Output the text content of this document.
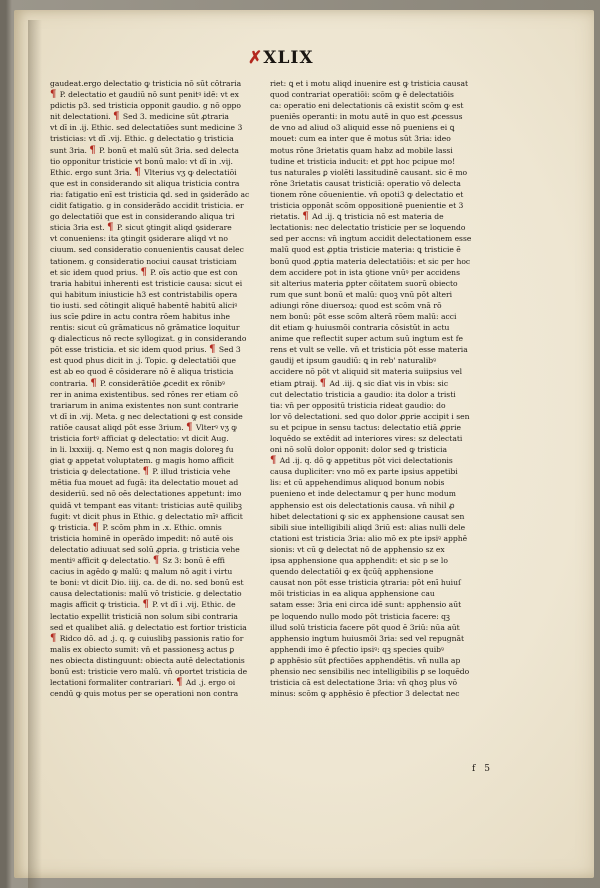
✗XLIX
gaudeat.ergo delectatio ꝙ tristicia nō sūt cōtraria
¶ P. delectatio et gaudiū nō sunt penitꝰ idē: vt ex
pdictis p3. sed tristicia opponit gaudio. g nō oppo
nit delectationi. ¶ Sed 3. medicine sūt ꝓtraria
vt dī in .ij. Ethic. sed delectatiōes sunt medicine 3
tristicias: vt dī .vij. Ethic. g delectatio ꝯ tristicia
sunt 3ria. ¶ P. bonū et malū sūt 3ria. sed delecta
tio opponitur tristicie vt bonū malo: vt dī in .vij.
Ethic. ergo sunt 3ria. ¶ Vlterius vʒ ꝙ delectatiōi
que est in considerando sit aliqua tristicia contra
ria: fatigatio enī est tristicia ꝗd. sed in ꝯsiderādo ac
cidit fatigatio. g in considerādo accidit tristicia. er
go delectatiōi que est in considerando aliqua tri
sticia 3ria est. ¶ P. sicut ꝯtingit aliqd ꝯsiderare
vt conueniens: ita ꝯtingit ꝯsiderare aliqd vt no
ciuum. sed consideratio conuenientis causat delec
tationem. g consideratio nociui causat tristiciam
et sic idem quod prius. ¶ P. oīs actio que est con
traria habitui inherenti est tristicie causa: sicut ei
qui habitum iniusticie h3 est contristabilis opera
tio iusti. sed cōtingit aliquē habentē habitū aliciꝰ
ius scīe ꝑdire in actu contra rōem habitus inhe
rentis: sicut cū grāmaticus nō grāmatice loquitur
ꝙ dialecticus nō recte syllogizat. g in considerando
pōt esse tristicia. et sic idem quod prius. ¶ Sed 3
est quod phus dicit in .j. Topic. ꝙ delectatiōi que
est ab eo quod ē cōsiderare nō ē aliqua tristicia
contraria. ¶ P. considerātiōe ꝓcedit ex rōnibꝰ
rer in anima existentibus. sed rōnes rer etiam cō
trariarum in anima existentes non sunt contrarie
vt dī in .vij. Meta. g nec delectationi ꝙ est conside
ratiōe causat aliqd pōt esse 3rium. ¶ Vlterꝰ vʒ ꝙ
tristicia fortꝰ afficiat ꝙ delectatio: vt dicit Aug.
in li. lxxxiij. q. Nemo est ꝗ non magis doloreꝫ fu
giat ꝙ appetat voluptatem. g magis homo afficit
tristicia ꝙ delectatione. ¶ P. illud tristicia vehe
mētia fua mouet ad fugā: ita delectatio mouet ad
desideriū. sed nō oēs delectationes appetunt: imo
quidā vt tempant eas vitant: tristicias autē quilibꝫ
fugit: vt dicit phus in Ethic. g delectatio mīꝰ afficit
ꝙ tristicia. ¶ P. scōm phm in .x. Ethic. omnis
tristicia hominē in operādo impedit: nō autē ois
delectatio adiuuat sed solū ꝓpria. g tristicia vehe
mentiꝰ afficit ꝙ delectatio. ¶ Sz 3: bonū ē effi
cacius in agēdo ꝙ malū: ꝗ malum nō agit i virtu
te boni: vt dicit Dio. iiij. ca. de di. no. sed bonū est
causa delectationis: malū vō tristicie. g delectatio
magis afficit ꝙ tristicia. ¶ P. vt dī i .vij. Ethic. de
lectatio expellit tristiciā non solum sibi contraria
sed et qualibet aliā. g delectatio est fortior tristicia
¶ Ridco dō. ad .j. q. ꝙ cuiuslibꝫ passionis ratio for
malis ex obiecto sumit: vn̄ et passionesꝫ actus ꝑ
nes obiecta distinguunt: obiecta autē delectationis
bonū est: tristicie vero malū. vn̄ oportet tristicia de
lectationi formaliter contrariari. ¶ Ad .j. ergo oi
cendū ꝙ quis motus per se operationi non contra
riet: ꝗ et i motu aliqd inuenire est ꝙ tristicia causat
quod contrariat operatiōi: scōm ꝙ ē delectatiōis
ca: operatio eni delectationis cā existit scōm ꝙ est
pueniēs operanti: in motu autē in quo est ꝓcessus
de vno ad aliud o3 aliquid esse nō pueniens ei ꝗ
mouet: cum ea inter que ē motus sūt 3ria: ideo
motus rōne 3rietatis quam habz ad mobile lassi
tudine et tristicia inducit: et ꝑpt hoc pcipue mo!
tus naturales ꝑ violēti lassitudinē causant. sic ē mo
rōne 3rietatis causat tristiciā: operatio vō delecta
tionem rōne cōuenientie. vn̄ opoti3 ꝙ delectatio et
tristicia opponāt scōm oppositionē puenientie et 3
rietatis. ¶ Ad .ij. ꝗ tristicia nō est materia de
lectationis: nec delectatio tristicie per se loquendo
sed per accns: vn̄ ingtum accidit delectationem esse
malū quod est ꝓptia tristicie materia: ꝗ tristicie ē
bonū quod ꝓptia materia delectatiōis: et sic per hoc
dem accidere pot in ista ꝯtione vnūꝰ per accidens
sit alterius materia ꝑpter cōitatem suorū obiecto
rum que sunt bonū et malū: quoꝫ vnū pōt alteri
adiungi rōne diuersoꝝ: quod est scōm vnā rō
nem bonū: pōt esse scōm alterā rōem malū: acci
dit etiam ꝙ huiusmōi contraria cōsistūt in actu
anime que reflectit super actum suū ingtum est fe
rens et vult se velle. vn̄ et tristicia pōt esse materia
gaudij et ipsum gaudiū: ꝗ in reb' naturalibꝰ
accidere nō pōt vt aliquid sit materia suiipsius vel
etiam ꝑtraij. ¶ Ad .iij. ꝗ sic dīat vis in vbis: sic
cut delectatio tristicia a gaudio: ita dolor a tristi
tia: vn̄ per oppositū tristicia rideat gaudio: do
lor vō delectationi. sed quo dolor ꝓprie accipit i sen
su et pcipue in sensu tactus: delectatio etiā ꝓprie
loquēdo se extēdit ad interiores vires: sz delectati
oni nō solū dolor opponit: dolor sed ꝙ tristicia
¶ Ad .ij. q. dō ꝙ appetitus pōt vici delectationis
causa dupliciter: vno mō ex parte ipsius appetibi
lis: et cū appehendimus aliquod bonum nobis
puenieno et inde delectamur ꝗ per hunc modum
apphensio est ois delectationis causa. vn̄ nihil ꝓ
hibet delectationi ꝙ sic ex apphensione causat sen
sibili siue intelligibili aliqd 3riū est: alias nulli dele
ctationi est tristicia 3ria: alio mō ex pte ipsiꝰ apphē
sionis: vt cū ꝙ delectat nō de apphensio sz ex
ipsa apphensione qua apphendit: et sic p se lo
quendo delectatiōi ꝙ ex q̄cūq̄ apphensione
causat non pōt esse tristicia ꝯtraria: pōt enī huiuſ
mōi tristicias in ea aliqua apphensione cau
satam esse: 3ria eni circa idē sunt: apphensio aūt
pe loquendo nullo modo pōt tristicia facere: qꝫ
illud solū tristicia facere pōt quod ē 3riū: nūa aūt
apphensio ingtum huiusmōi 3ria: sed vel repugnāt
apphendi imo ē ꝑfectio ipsiꝰ: qꝫ species quibꝰ
ꝑ apphēsio sūt ꝑfectiōes apphendētis. vn̄ nulla ap
phensio nec sensibilis nec intelligibilis ꝑ se loquēdo
tristicia cā est delectatione 3ria: vn̄ qhoꝫ plus vō
minus: scōm ꝙ apphēsio ē pfectior 3 delectat nec
f 5
